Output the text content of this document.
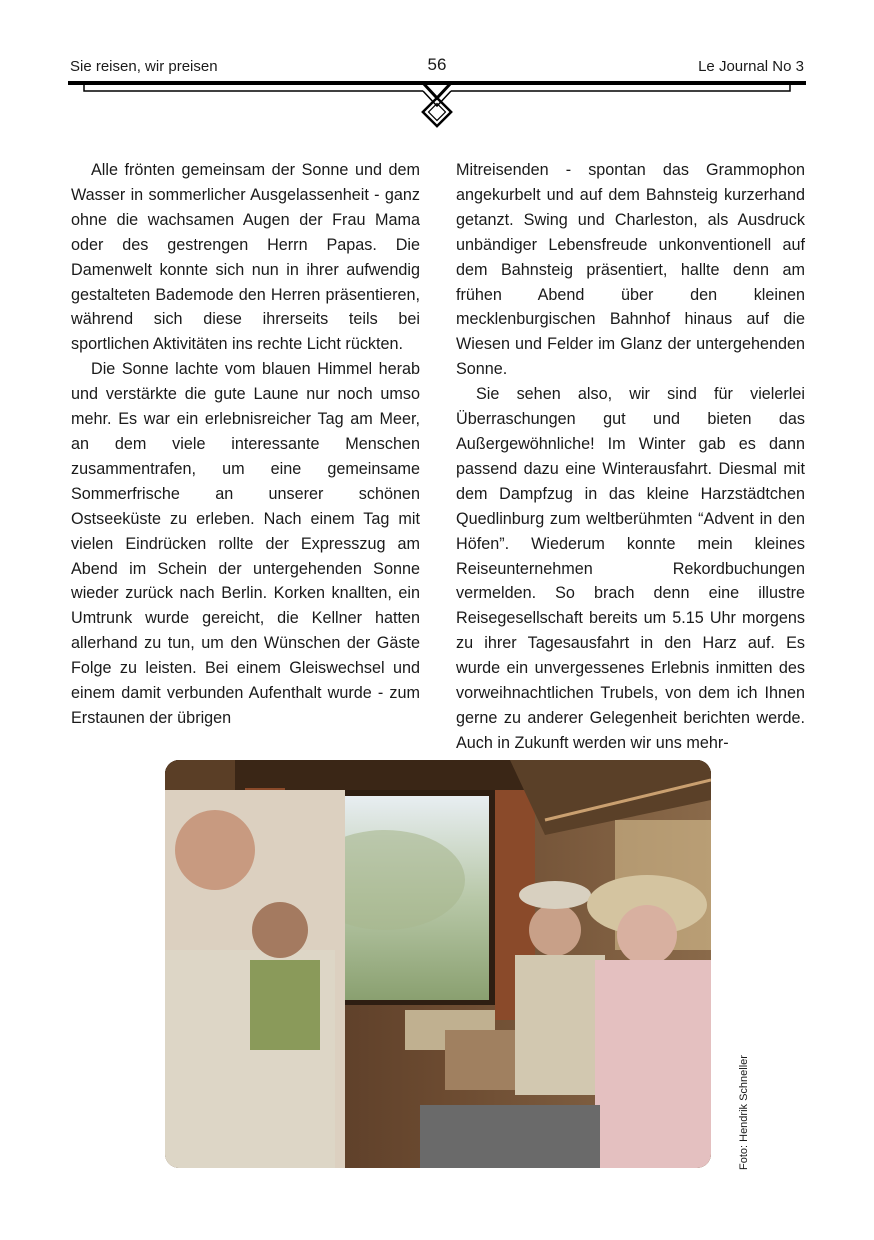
Sie reisen, wir preisen	56	Le Journal No 3

Alle frönten gemeinsam der Sonne und dem Wasser in sommerlicher Ausgelassenheit - ganz ohne die wachsamen Augen der Frau Mama oder des gestrengen Herrn Papas. Die Damenwelt konnte sich nun in ihrer aufwendig gestalteten Bademode den Herren präsentieren, während sich diese ihrerseits teils bei sportlichen Aktivitäten ins rechte Licht rückten.

Die Sonne lachte vom blauen Himmel herab und verstärkte die gute Laune nur noch umso mehr. Es war ein erlebnisreicher Tag am Meer, an dem viele interessante Menschen zusammentrafen, um eine gemeinsame Sommerfrische an unserer schönen Ostseeküste zu erleben. Nach einem Tag mit vielen Eindrücken rollte der Expresszug am Abend im Schein der untergehenden Sonne wieder zurück nach Berlin. Korken knallten, ein Umtrunk wurde gereicht, die Kellner hatten allerhand zu tun, um den Wünschen der Gäste Folge zu leisten. Bei einem Gleiswechsel und einem damit verbunden Aufenthalt wurde - zum Erstaunen der übrigen

Mitreisenden - spontan das Grammophon angekurbelt und auf dem Bahnsteig kurzerhand getanzt. Swing und Charleston, als Ausdruck unbändiger Lebensfreude unkonventionell auf dem Bahnsteig präsentiert, hallte denn am frühen Abend über den kleinen mecklenburgischen Bahnhof hinaus auf die Wiesen und Felder im Glanz der untergehenden Sonne.

Sie sehen also, wir sind für vielerlei Überraschungen gut und bieten das Außergewöhnliche! Im Winter gab es dann passend dazu eine Winterausfahrt. Diesmal mit dem Dampfzug in das kleine Harzstädtchen Quedlinburg zum weltberühmten “Advent in den Höfen”. Wiederum konnte mein kleines Reiseunternehmen Rekordbuchungen vermelden. So brach denn eine illustre Reisegesellschaft bereits um 5.15 Uhr morgens zu ihrer Tagesausfahrt in den Harz auf. Es wurde ein unvergessenes Erlebnis inmitten des vorweihnachtlichen Trubels, von dem ich Ihnen gerne zu anderer Gelegenheit berichten werde. Auch in Zukunft werden wir uns mehr-

Foto: Hendrik Schneller
